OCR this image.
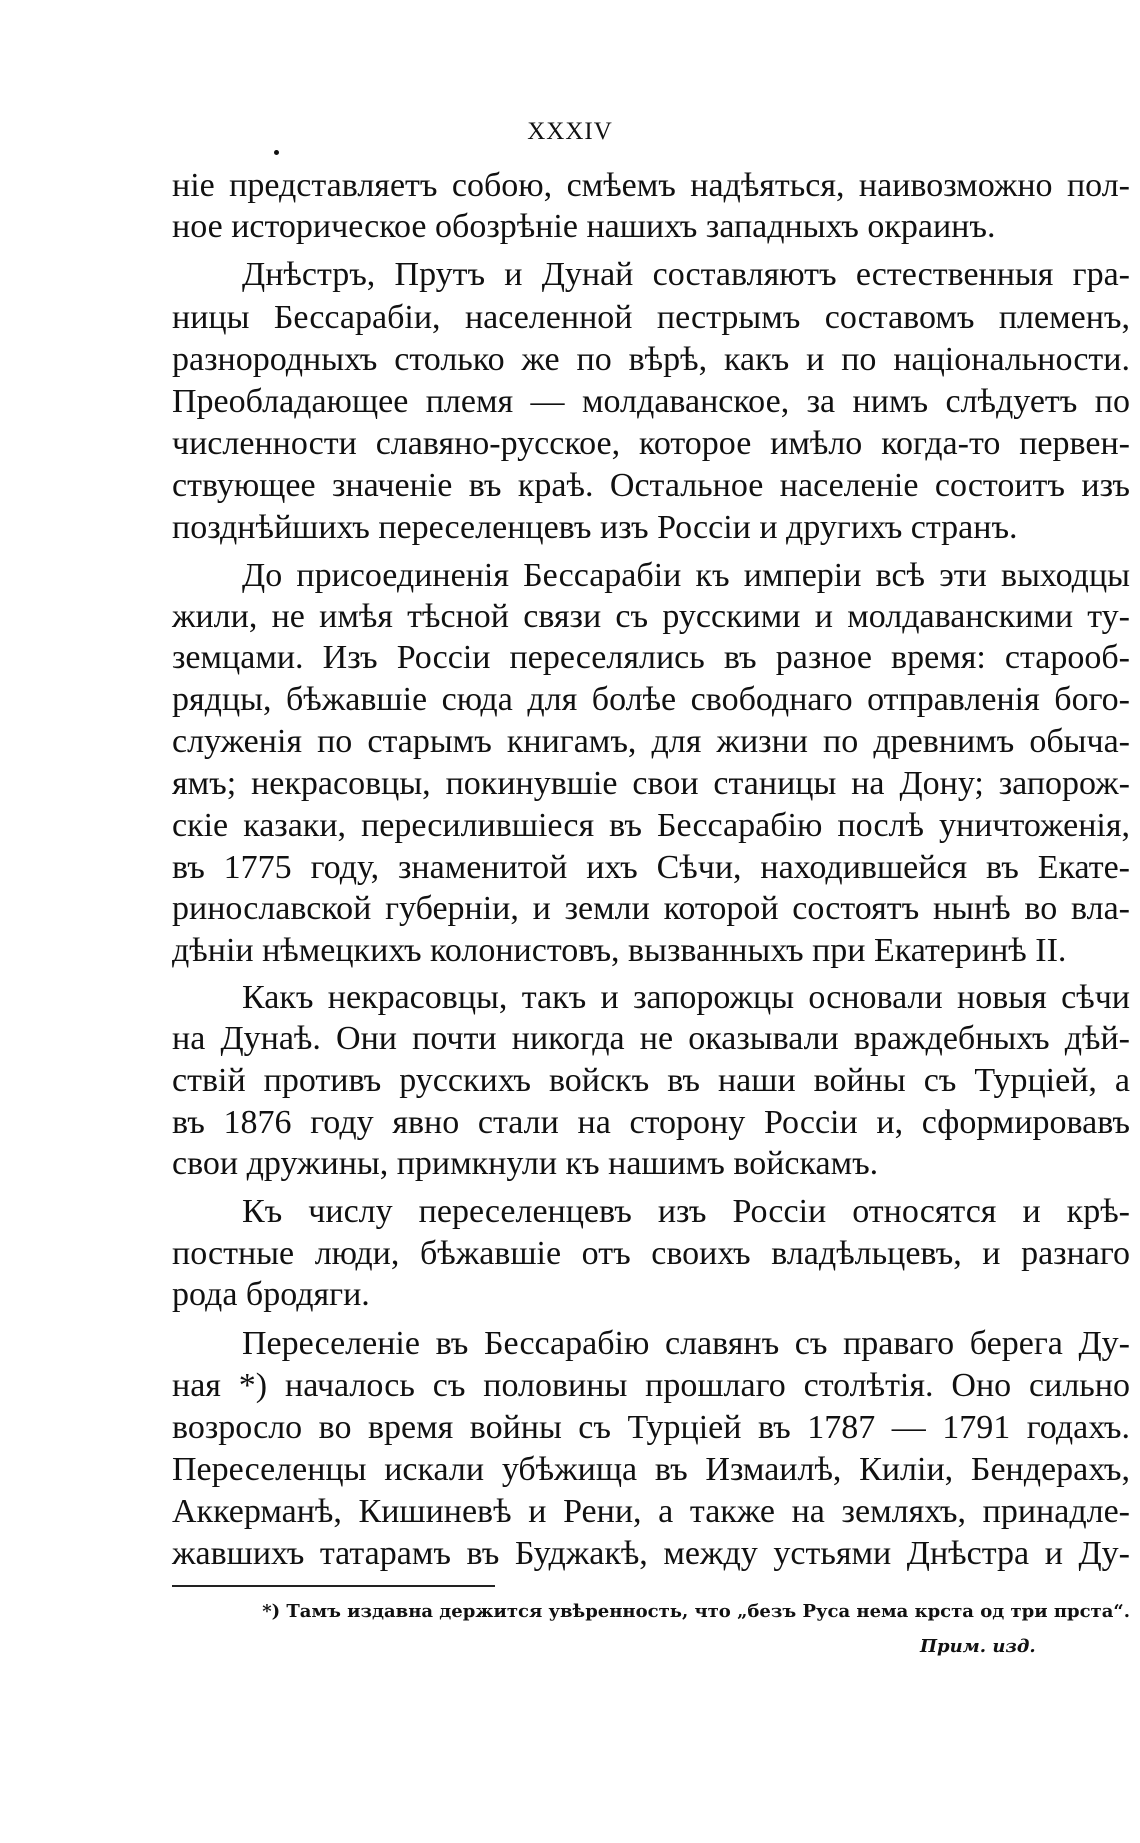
XXXIV
ніе представляетъ собою, смѣемъ надѣяться, наивозможно пол-
ное историческое обозрѣніе нашихъ западныхъ окраинъ.
Днѣстръ, Прутъ и Дунай составляютъ естественныя гра-
ницы Бессарабіи, населенной пестрымъ составомъ племенъ,
разнородныхъ столько же по вѣрѣ, какъ и по національности.
Преобладающее племя — молдаванское, за нимъ слѣдуетъ по
численности славяно-русское, которое имѣло когда-то первен-
ствующее значеніе въ краѣ. Остальное населеніе состоитъ изъ
позднѣйшихъ переселенцевъ изъ Россіи и другихъ странъ.
До присоединенія Бессарабіи къ имперіи всѣ эти выходцы
жили, не имѣя тѣсной связи съ русскими и молдаванскими ту-
земцами. Изъ Россіи переселялись въ разное время: старооб-
рядцы, бѣжавшіе сюда для болѣе свободнаго отправленія бого-
служенія по старымъ книгамъ, для жизни по древнимъ обыча-
ямъ; некрасовцы, покинувшіе свои станицы на Дону; запорож-
скіе казаки, пересилившіеся въ Бессарабію послѣ уничтоженія,
въ 1775 году, знаменитой ихъ Сѣчи, находившейся въ Екате-
ринославской губерніи, и земли которой состоятъ нынѣ во вла-
дѣніи нѣмецкихъ колонистовъ, вызванныхъ при Екатеринѣ II.
Какъ некрасовцы, такъ и запорожцы основали новыя сѣчи
на Дунаѣ. Они почти никогда не оказывали враждебныхъ дѣй-
ствій противъ русскихъ войскъ въ наши войны съ Турціей, а
въ 1876 году явно стали на сторону Россіи и, сформировавъ
свои дружины, примкнули къ нашимъ войскамъ.
Къ числу переселенцевъ изъ Россіи относятся и крѣ-
постные люди, бѣжавшіе отъ своихъ владѣльцевъ, и разнаго
рода бродяги.
Переселеніе въ Бессарабію славянъ съ праваго берега Ду-
ная *) началось съ половины прошлаго столѣтія. Оно сильно
возросло во время войны съ Турціей въ 1787 — 1791 годахъ.
Переселенцы искали убѣжища въ Измаилѣ, Киліи, Бендерахъ,
Аккерманѣ, Кишиневѣ и Рени, а также на земляхъ, принадле-
жавшихъ татарамъ въ Буджакѣ, между устьями Днѣстра и Ду-
*) Тамъ издавна держится увѣренность, что „безъ Руса нема крста од три прста“.
Прим. изд.
